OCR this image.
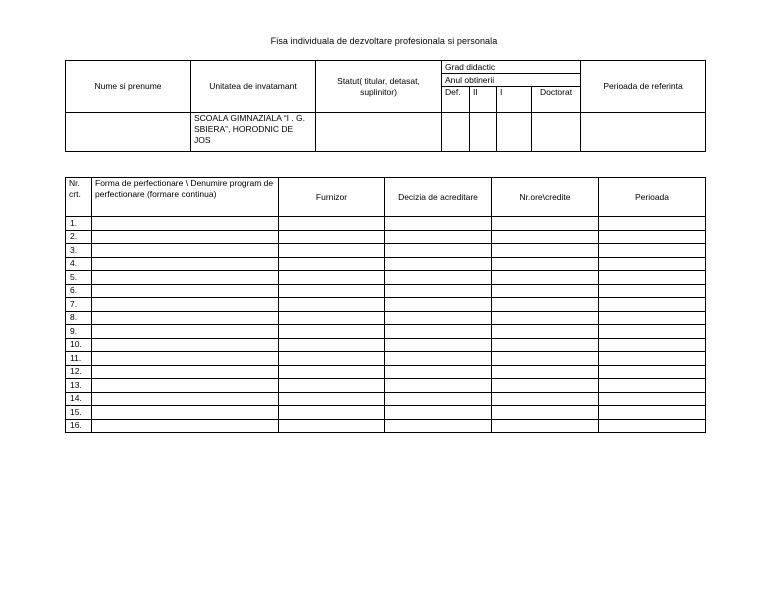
Fisa individuala de dezvoltare profesionala si personala
Nume si prenume	Unitatea de invatamant	Statut( titular, detasat, suplinitor)	Grad didactic				Perioada de referinta
			Anul obtinerii				
			Def.	II	I	Doctorat	
	SCOALA GIMNAZIALA “I . G. SBIERA”, HORODNIC DE JOS						
Nr. crt.	Forma de perfectionare \ Denumire program de perfectionare (formare continua)	Furnizor	Decizia de acreditare	Nr.ore\credite	Perioada
1.					
2.					
3.					
4.					
5.					
6.					
7.					
8.					
9.					
10.					
11.					
12.					
13.					
14.					
15.					
16.					
